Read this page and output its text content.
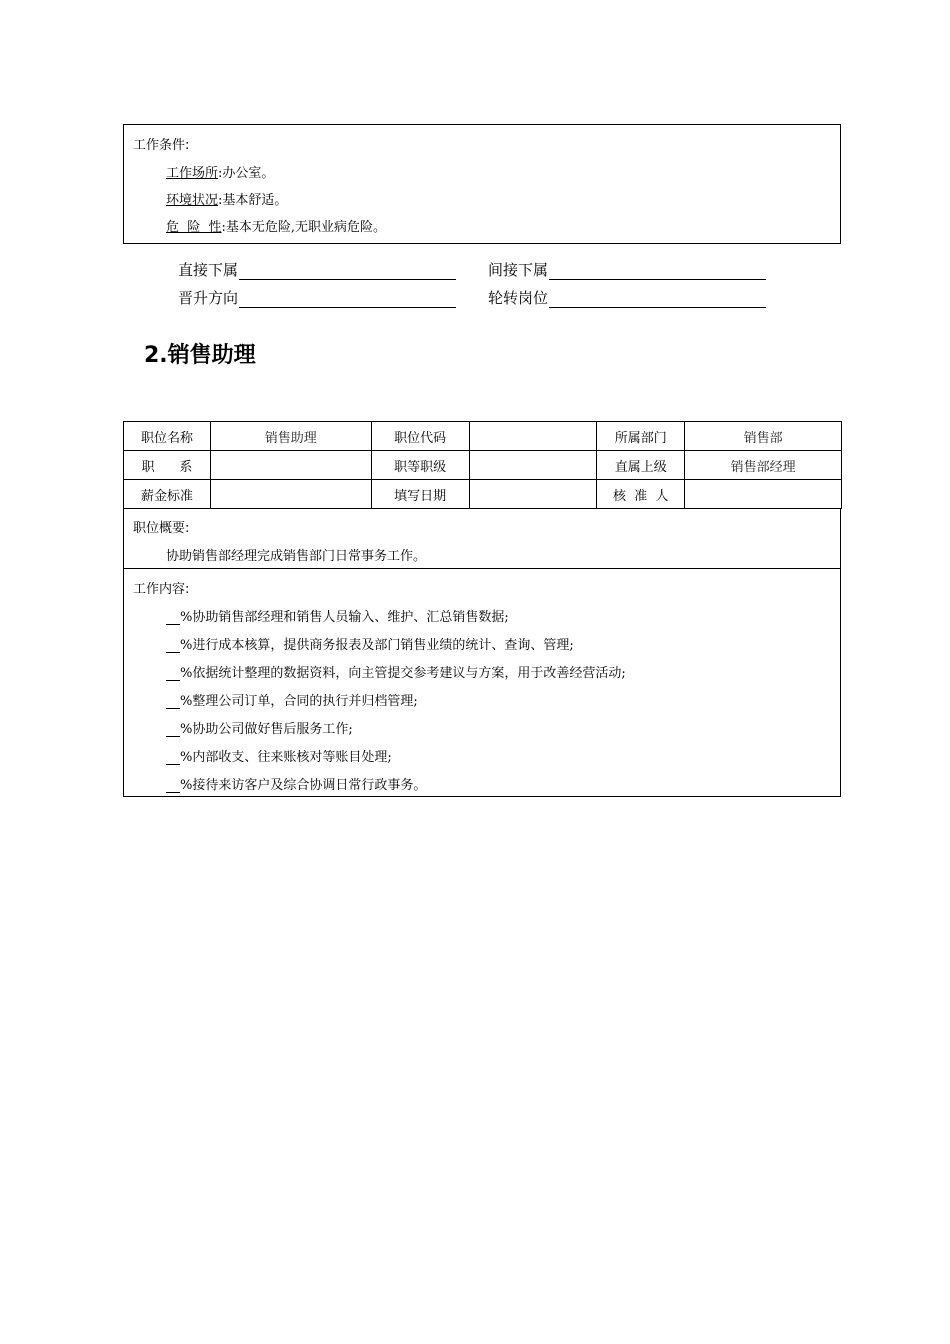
工作条件:
工作场所:办公室。
环境状况:基本舒适。
危  险  性:基本无危险,无职业病危险。
直接下属	间接下属
晋升方向	轮转岗位
2.销售助理
职位名称	销售助理	职位代码		所属部门	销售部
职      系		职等职级		直属上级	销售部经理
薪金标准		填写日期		核  准  人	
职位概要:
协助销售部经理完成销售部门日常事务工作。
工作内容:
%协助销售部经理和销售人员输入、维护、汇总销售数据;
%进行成本核算，提供商务报表及部门销售业绩的统计、查询、管理;
%依据统计整理的数据资料，向主管提交参考建议与方案，用于改善经营活动;
%整理公司订单，合同的执行并归档管理;
%协助公司做好售后服务工作;
%内部收支、往来账核对等账目处理;
%接待来访客户及综合协调日常行政事务。
